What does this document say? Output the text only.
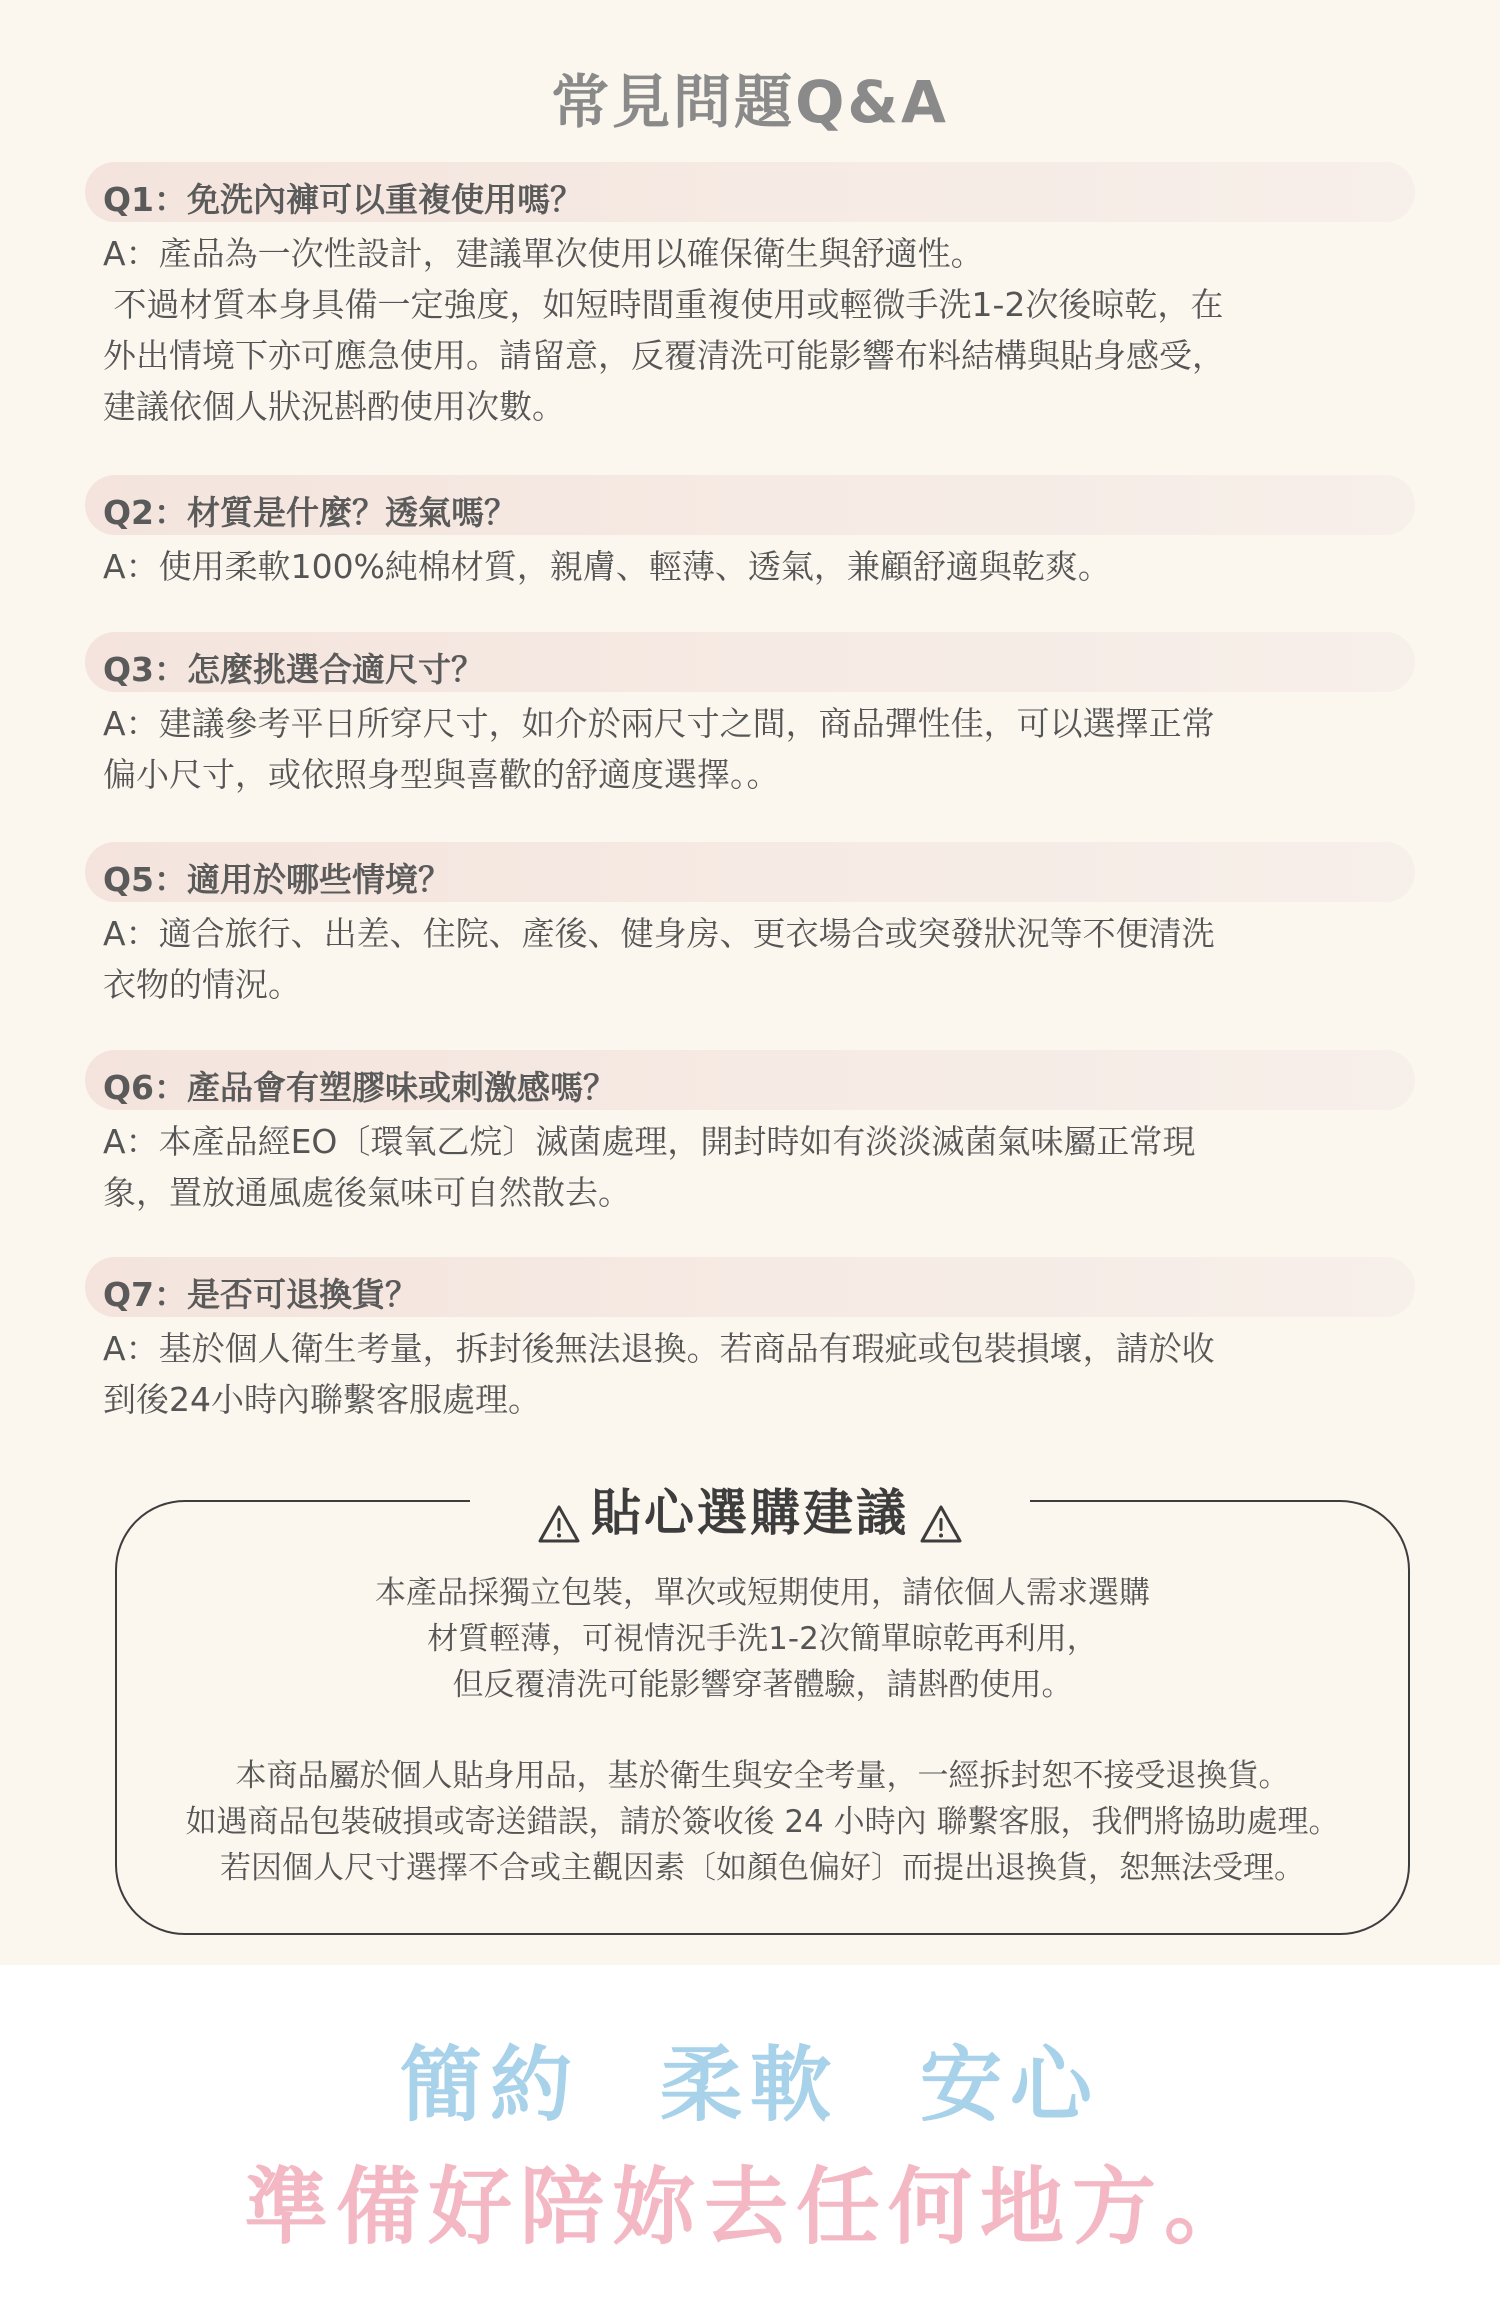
常見問題Q&A
Q1：免洗內褲可以重複使用嗎？
A：產品為一次性設計，建議單次使用以確保衛生與舒適性。
不過材質本身具備一定強度，如短時間重複使用或輕微手洗1-2次後晾乾，在
外出情境下亦可應急使用。請留意，反覆清洗可能影響布料結構與貼身感受，
建議依個人狀況斟酌使用次數。
Q2：材質是什麼？透氣嗎？
A：使用柔軟100%純棉材質，親膚、輕薄、透氣，兼顧舒適與乾爽。
Q3：怎麼挑選合適尺寸？
A：建議參考平日所穿尺寸，如介於兩尺寸之間，商品彈性佳，可以選擇正常
偏小尺寸，或依照身型與喜歡的舒適度選擇。。
Q5：適用於哪些情境？
A：適合旅行、出差、住院、產後、健身房、更衣場合或突發狀況等不便清洗
衣物的情況。
Q6：產品會有塑膠味或刺激感嗎？
A：本產品經EO〔環氧乙烷〕滅菌處理，開封時如有淡淡滅菌氣味屬正常現
象，置放通風處後氣味可自然散去。
Q7：是否可退換貨？
A：基於個人衛生考量，拆封後無法退換。若商品有瑕疵或包裝損壞，請於收
到後24小時內聯繫客服處理。
貼心選購建議
本產品採獨立包裝，單次或短期使用，請依個人需求選購
材質輕薄，可視情況手洗1-2次簡單晾乾再利用，
但反覆清洗可能影響穿著體驗，請斟酌使用。
本商品屬於個人貼身用品，基於衛生與安全考量，一經拆封恕不接受退換貨。
如遇商品包裝破損或寄送錯誤，請於簽收後 24 小時內 聯繫客服，我們將協助處理。
若因個人尺寸選擇不合或主觀因素〔如顏色偏好〕而提出退換貨，恕無法受理。
簡約 柔軟 安心
準備好陪妳去任何地方。
